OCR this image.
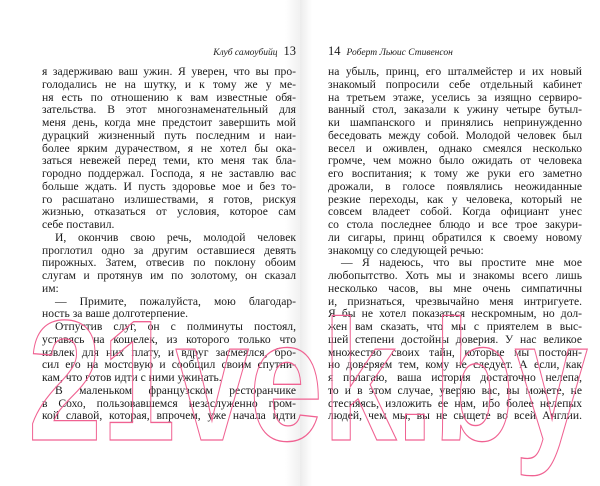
Клуб самоубийц 13
я задерживаю ваш ужин. Я уверен, что вы про-
голодались не на шутку, и к тому же у ме-
ня есть по отношению к вам известные обя-
зательства. В этот многознаменательный для
меня день, когда мне предстоит завершить мой
дурацкий жизненный путь последним и наи-
более ярким дурачеством, я не хотел бы ока-
заться невежей перед теми, кто меня так бла-
городно поддержал. Господа, я не заставлю вас
больше ждать. И пусть здоровье мое и без то-
го расшатано излишествами, я готов, рискуя
жизнью, отказаться от условия, которое сам
себе поставил.
И, окончив свою речь, молодой человек
проглотил одно за другим оставшиеся девять
пирожных. Затем, отвесив по поклону обоим
слугам и протянув им по золотому, он сказал
им:
— Примите, пожалуйста, мою благодар-
ность за ваше долготерпение.
Отпустив слуг, он с полминуты постоял,
уставясь на кошелек, из которого только что
извлек для них плату, и вдруг засмеялся, бро-
сил его на мостовую и сообщил своим спутни-
кам, что готов идти с ними ужинать.
В маленьком французском ресторанчике
в Сохо, пользовавшемся незаслуженно гром-
кой славой, которая, впрочем, уже начала идти
14 Роберт Льюис Стивенсон
на убыль, принц, его шталмейстер и их новый
знакомый попросили себе отдельный кабинет
на третьем этаже, уселись за изящно сервиро-
ванный стол, заказали к ужину четыре бутыл-
ки шампанского и принялись непринужденно
беседовать между собой. Молодой человек был
весел и оживлен, однако смеялся несколько
громче, чем можно было ожидать от человека
его воспитания; к тому же руки его заметно
дрожали, в голосе появлялись неожиданные
резкие переходы, как у человека, который не
совсем владеет собой. Когда официант унес
со стола последнее блюдо и все трое закури-
ли сигары, принц обратился к своему новому
знакомцу со следующей речью:
— Я надеюсь, что вы простите мне мое
любопытство. Хоть мы и знакомы всего лишь
несколько часов, вы мне очень симпатичны
и, признаться, чрезвычайно меня интригуете.
Я бы не хотел показаться нескромным, но дол-
жен вам сказать, что мы с приятелем в выс-
шей степени достойны доверия. У нас великое
множество своих тайн, которые мы постоян-
но доверяем тем, кому не следует. А если, как
я полагаю, ваша история достаточно нелепа,
то и в этом случае, уверяю вас, вы можете, не
стесняясь, изложить ее нам, ибо более нелепых
людей, чем мы, вы не сыщете во всей Англии.
21vek.by
